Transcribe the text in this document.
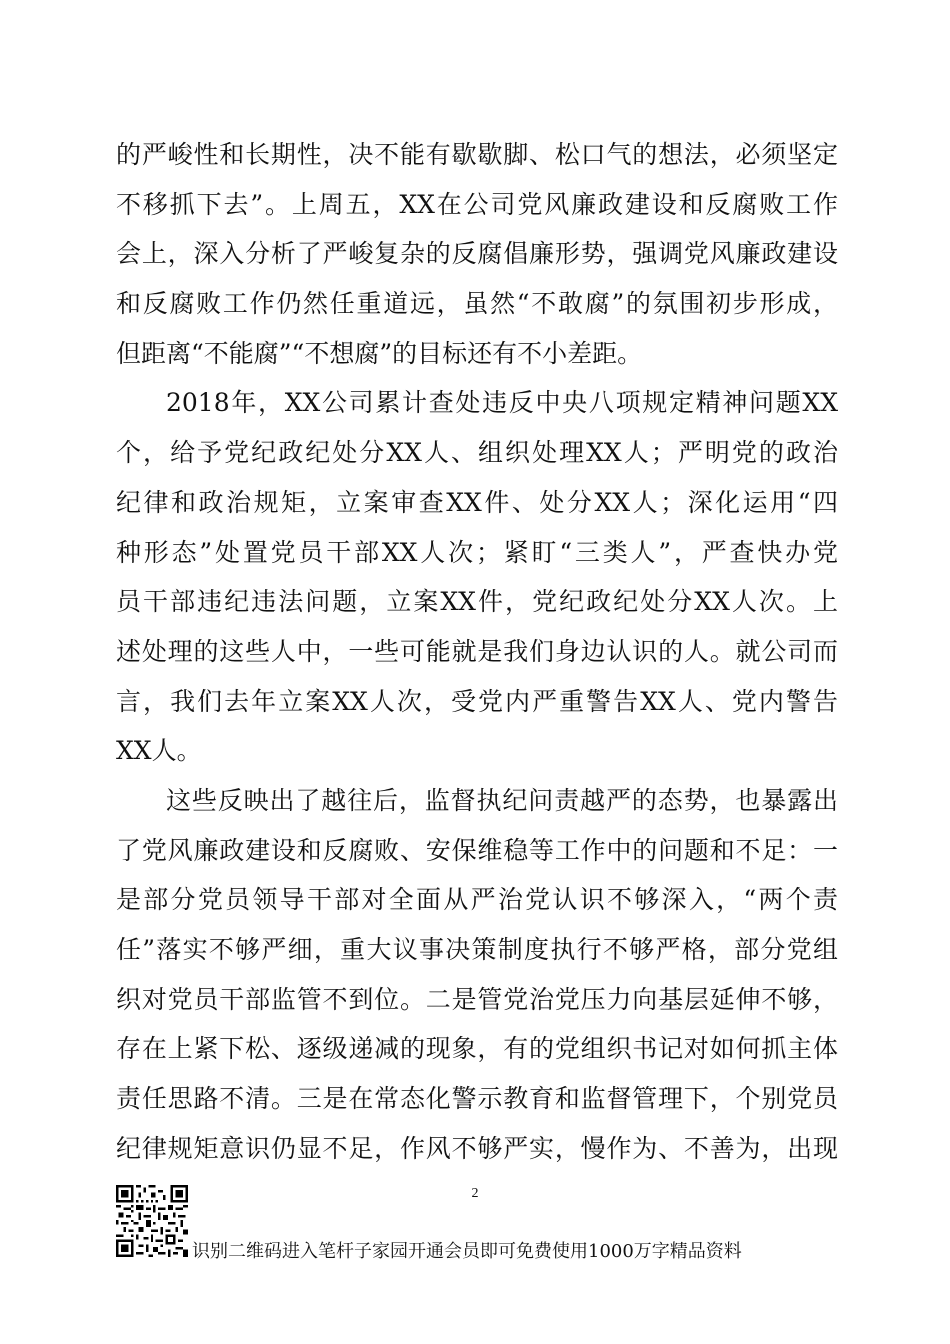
的严峻性和长期性，决不能有歇歇脚、松口气的想法，必须坚定
不移抓下去”。上周五，XX在公司党风廉政建设和反腐败工作
会上，深入分析了严峻复杂的反腐倡廉形势，强调党风廉政建设
和反腐败工作仍然任重道远，虽然“不敢腐”的氛围初步形成，
但距离“不能腐”“不想腐”的目标还有不小差距。
2018年，XX公司累计查处违反中央八项规定精神问题XX
个，给予党纪政纪处分XX人、组织处理XX人；严明党的政治
纪律和政治规矩，立案审查XX件、处分XX人；深化运用“四
种形态”处置党员干部XX人次；紧盯“三类人”，严查快办党
员干部违纪违法问题，立案XX件，党纪政纪处分XX人次。上
述处理的这些人中，一些可能就是我们身边认识的人。就公司而
言，我们去年立案XX人次，受党内严重警告XX人、党内警告
XX人。
这些反映出了越往后，监督执纪问责越严的态势，也暴露出
了党风廉政建设和反腐败、安保维稳等工作中的问题和不足：一
是部分党员领导干部对全面从严治党认识不够深入，“两个责
任”落实不够严细，重大议事决策制度执行不够严格，部分党组
织对党员干部监管不到位。二是管党治党压力向基层延伸不够，
存在上紧下松、逐级递减的现象，有的党组织书记对如何抓主体
责任思路不清。三是在常态化警示教育和监督管理下，个别党员
纪律规矩意识仍显不足，作风不够严实，慢作为、不善为，出现
2
识别二维码进入笔杆子家园开通会员即可免费使用1000万字精品资料
